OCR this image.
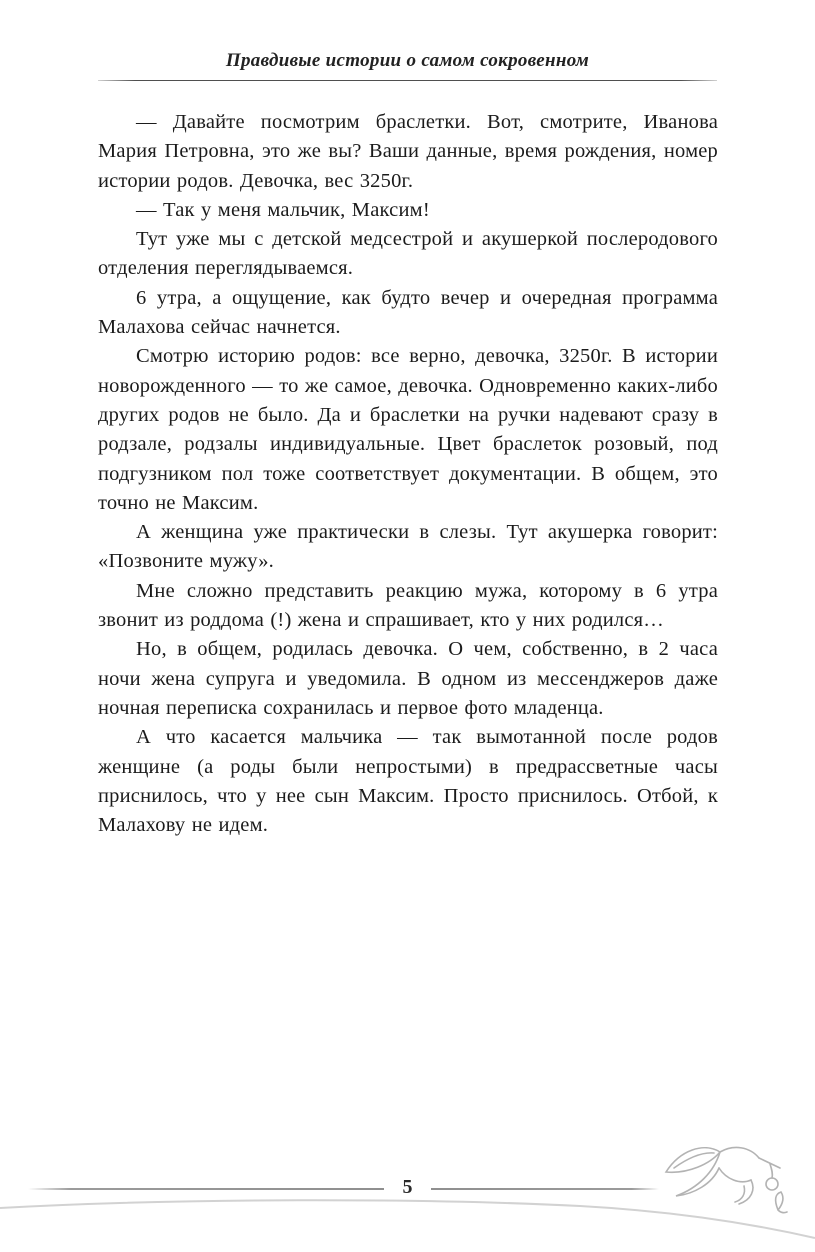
Правдивые истории о самом сокровенном

— Давайте посмотрим браслетки. Вот, смотрите, Иванова Мария Петровна, это же вы? Ваши данные, время рождения, номер истории родов. Девочка, вес 3250г.

— Так у меня мальчик, Максим!

Тут уже мы с детской медсестрой и акушеркой послеродового отделения переглядываемся.

6 утра, а ощущение, как будто вечер и очередная программа Малахова сейчас начнется.

Смотрю историю родов: все верно, девочка, 3250г. В истории новорожденного — то же самое, девочка. Одновременно каких-либо других родов не было. Да и браслетки на ручки надевают сразу в родзале, родзалы индивидуальные. Цвет браслеток розовый, под подгузником пол тоже соответствует документации. В общем, это точно не Максим.

А женщина уже практически в слезы. Тут акушерка говорит: «Позвоните мужу».

Мне сложно представить реакцию мужа, которому в 6 утра звонит из роддома (!) жена и спрашивает, кто у них родился…

Но, в общем, родилась девочка. О чем, собственно, в 2 часа ночи жена супруга и уведомила. В одном из мессенджеров даже ночная переписка сохранилась и первое фото младенца.

А что касается мальчика — так вымотанной после родов женщине (а роды были непростыми) в предрассветные часы приснилось, что у нее сын Максим. Просто приснилось. Отбой, к Малахову не идем.

5
